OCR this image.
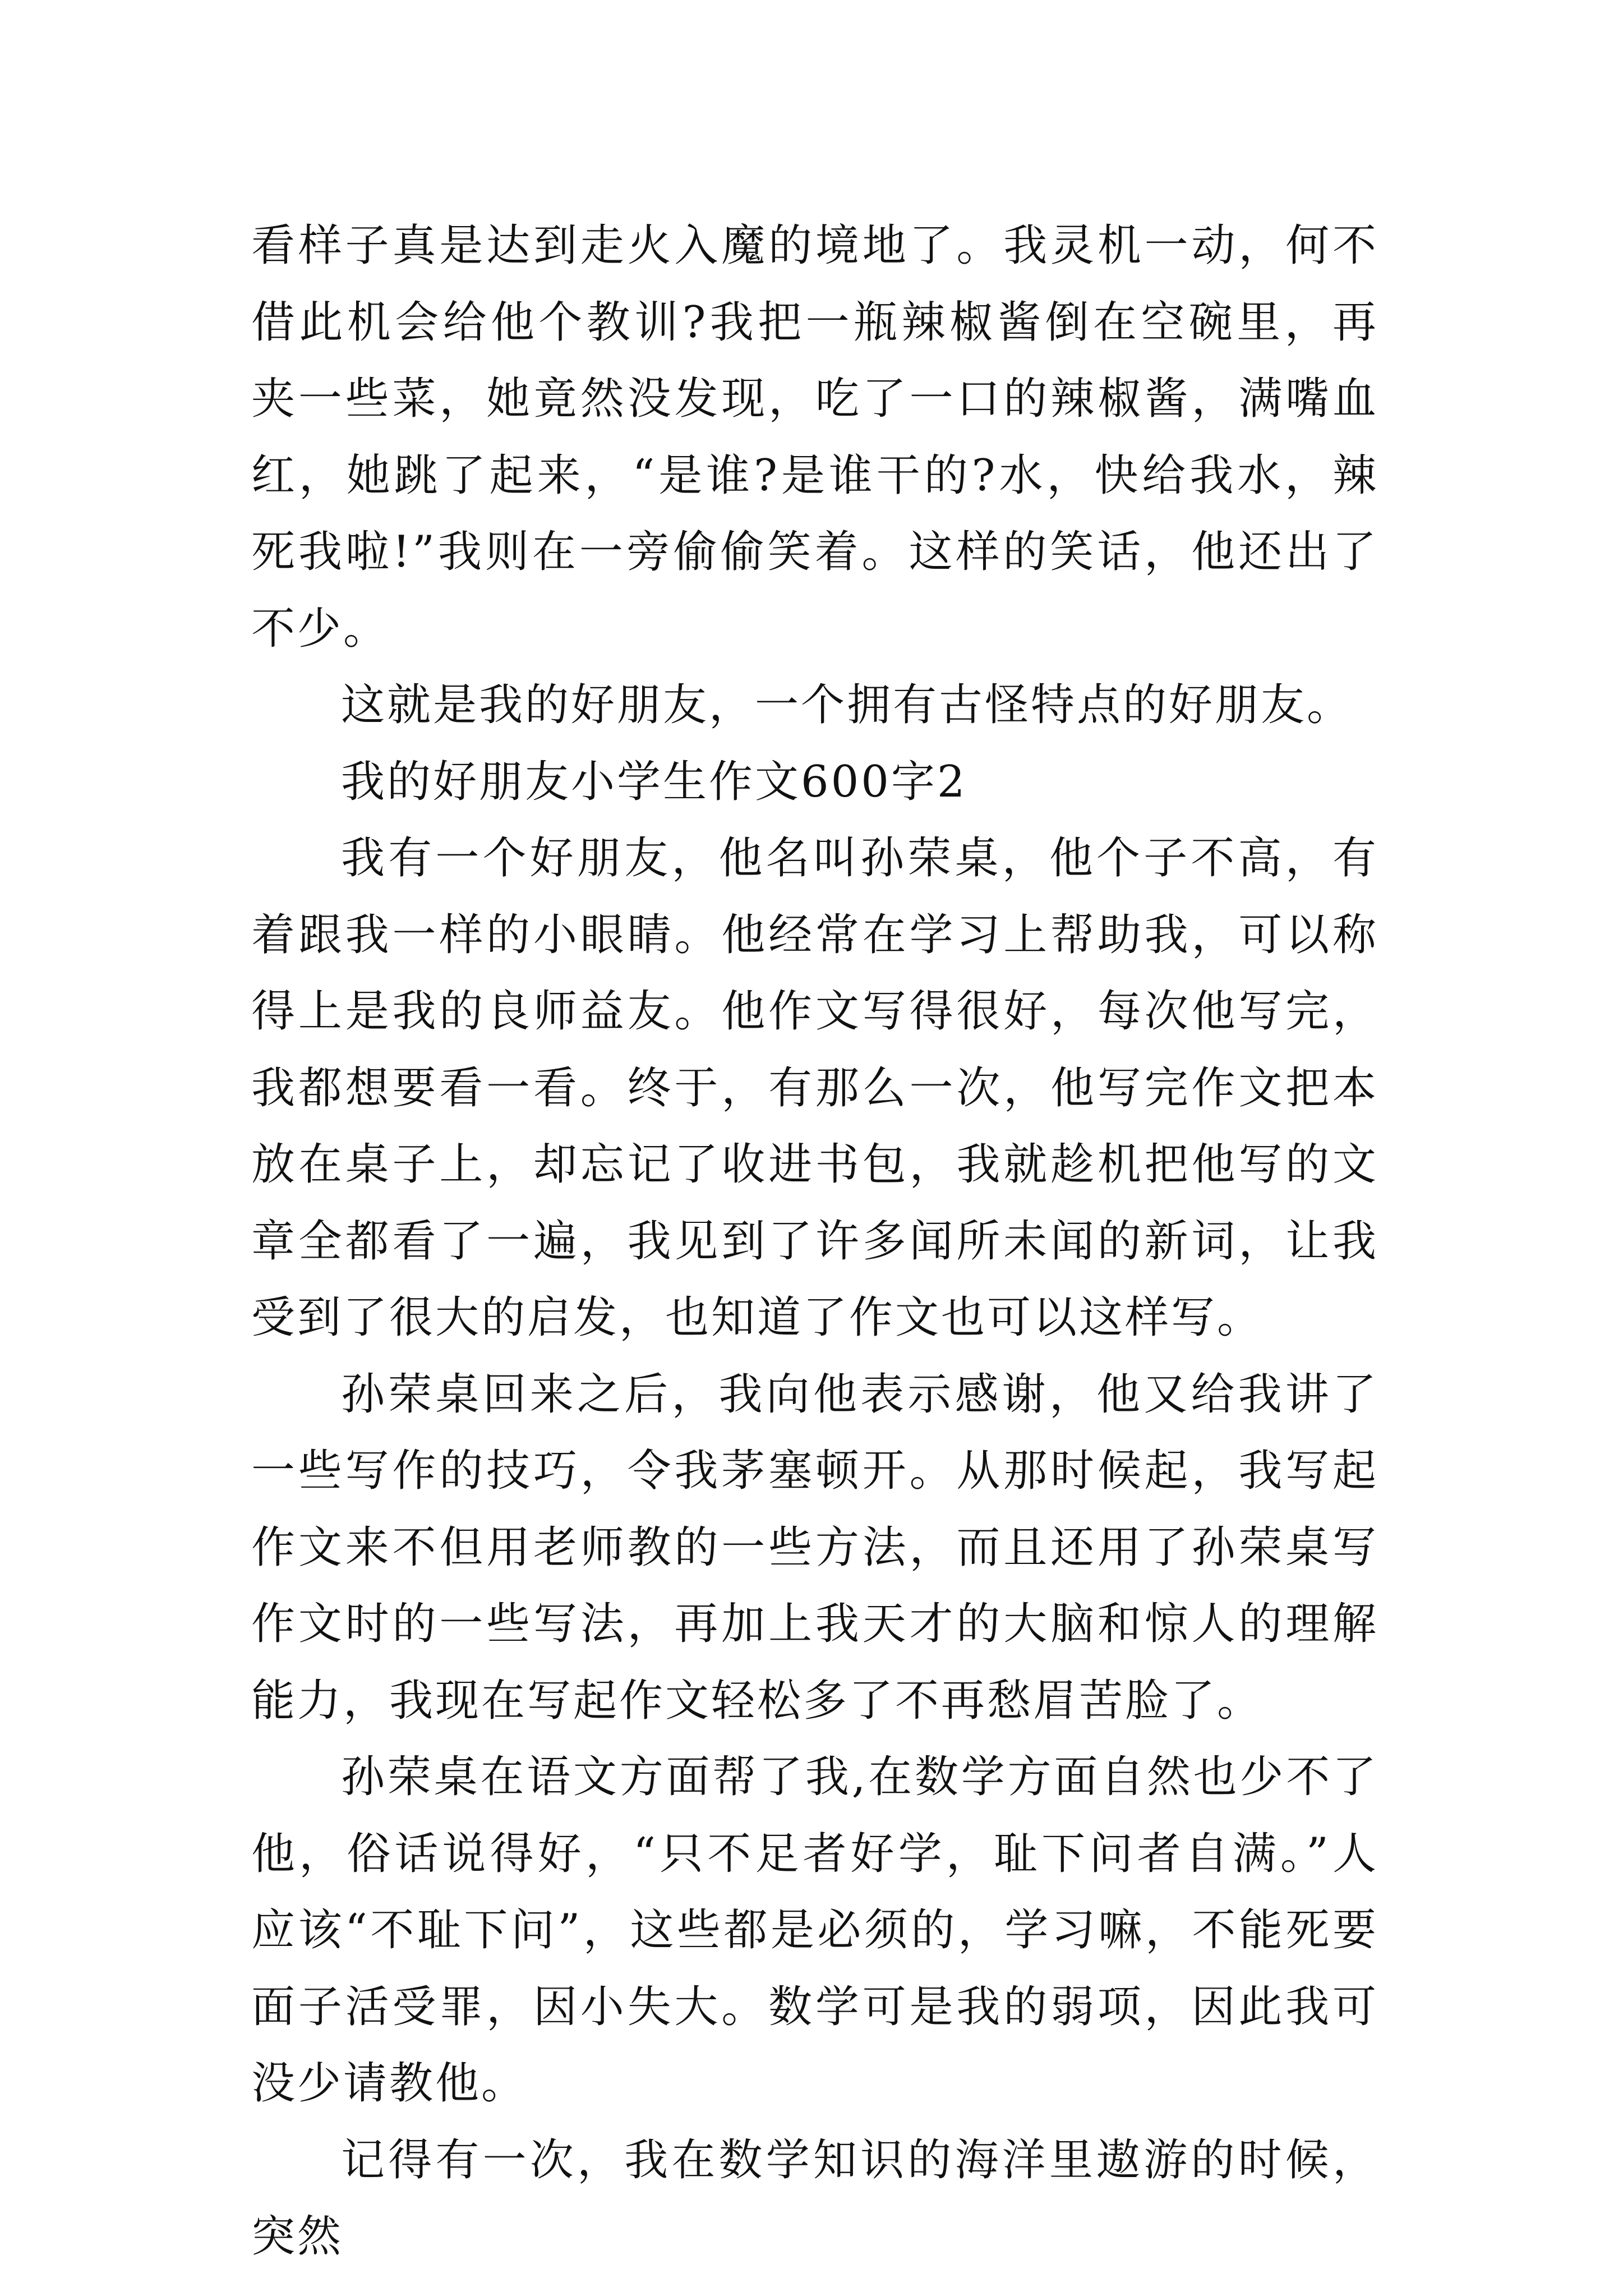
看样子真是达到走火入魔的境地了。我灵机一动，何不借此机会给他个教训?我把一瓶辣椒酱倒在空碗里，再夹一些菜，她竟然没发现，吃了一口的辣椒酱，满嘴血红，她跳了起来，“是谁?是谁干的?水，快给我水，辣死我啦!”我则在一旁偷偷笑着。这样的笑话，他还出了不少。

这就是我的好朋友，一个拥有古怪特点的好朋友。

我的好朋友小学生作文600字2

我有一个好朋友，他名叫孙荣桌，他个子不高，有着跟我一样的小眼睛。他经常在学习上帮助我，可以称得上是我的良师益友。他作文写得很好，每次他写完，我都想要看一看。终于，有那么一次，他写完作文把本放在桌子上，却忘记了收进书包，我就趁机把他写的文章全都看了一遍，我见到了许多闻所未闻的新词，让我受到了很大的启发，也知道了作文也可以这样写。

孙荣桌回来之后，我向他表示感谢，他又给我讲了一些写作的技巧，令我茅塞顿开。从那时候起，我写起作文来不但用老师教的一些方法，而且还用了孙荣桌写作文时的一些写法，再加上我天才的大脑和惊人的理解能力，我现在写起作文轻松多了不再愁眉苦脸了。

孙荣桌在语文方面帮了我,在数学方面自然也少不了他，俗话说得好，“只不足者好学，耻下问者自满。”人应该“不耻下问”，这些都是必须的，学习嘛，不能死要面子活受罪，因小失大。数学可是我的弱项，因此我可没少请教他。

记得有一次，我在数学知识的海洋里遨游的时候，突然
